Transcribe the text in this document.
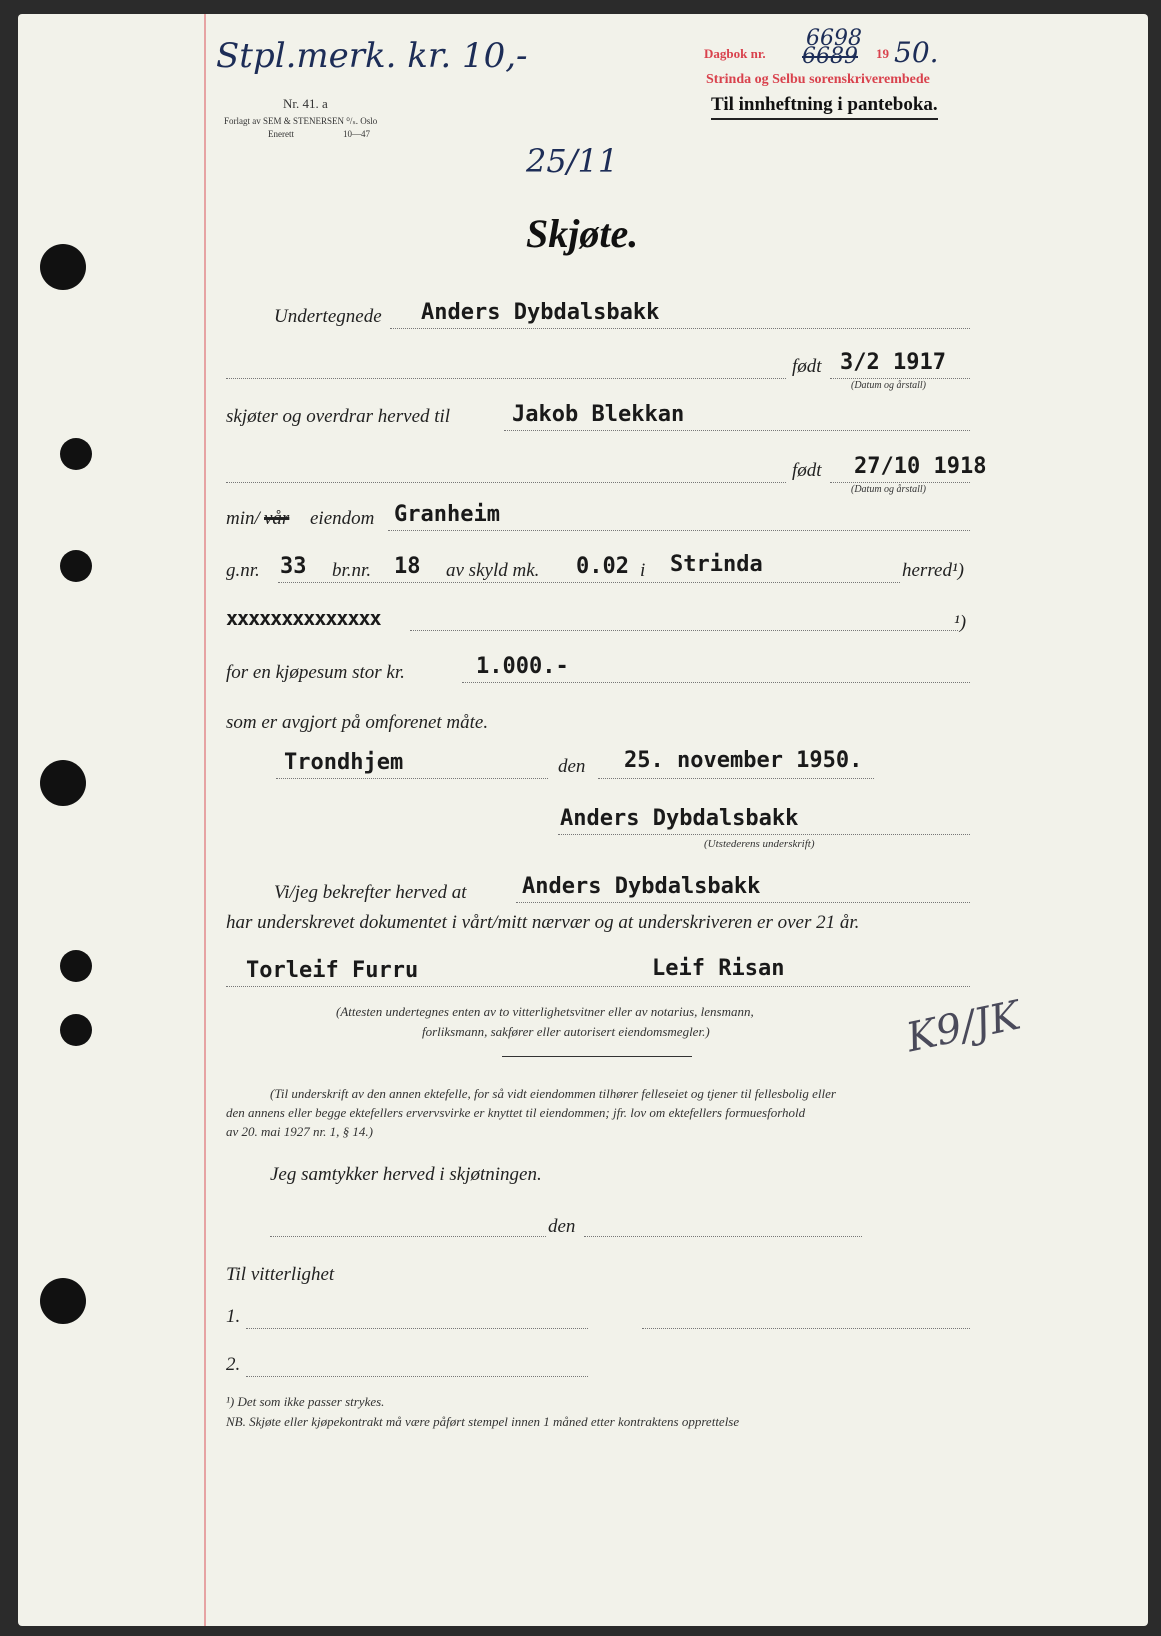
Stpl.merk. kr. 10,-
Nr. 41. a
Forlagt av SEM & STENERSEN ⁰/ₛ. Oslo
Enerett	10—47
Dagbok nr.
6698
6689 19 50.
Strinda og Selbu sorenskriverembede
Til innheftning i panteboka.
25/11
Skjøte.
Undertegnede Anders Dybdalsbakk
født 3/2 1917
(Datum og årstall)
skjøter og overdrar herved til	Jakob Blekkan
født 27/10 1918
(Datum og årstall)
min/ vår eiendom Granheim
g.nr. 33 br.nr. 18 av skyld mk. 0.02 i Strinda	herred¹)
xxxxxxxxxxxxxx	¹)
for en kjøpesum stor kr.	1.000.-
som er avgjort på omforenet måte.
Trondhjem	den 25. november 1950.
Anders Dybdalsbakk
(Utstederens underskrift)
Vi/jeg bekrefter herved at	Anders Dybdalsbakk
har underskrevet dokumentet i vårt/mitt nærvær og at underskriveren er over 21 år.
Torleif Furru	Leif Risan
(Attesten undertegnes enten av to vitterlighetsvitner eller av notarius, lensmann,
forliksmann, sakfører eller autorisert eiendomsmegler.)	K9/JK
(Til underskrift av den annen ektefelle, for så vidt eiendommen tilhører felleseiet og tjener til fellesbolig eller
den annens eller begge ektefellers ervervsvirke er knyttet til eiendommen; jfr. lov om ektefellers formuesforhold
av 20. mai 1927 nr. 1, § 14.)
Jeg samtykker herved i skjøtningen.
den
Til vitterlighet
1.
2.
¹) Det som ikke passer strykes.
NB. Skjøte eller kjøpekontrakt må være påført stempel innen 1 måned etter kontraktens opprettelse
